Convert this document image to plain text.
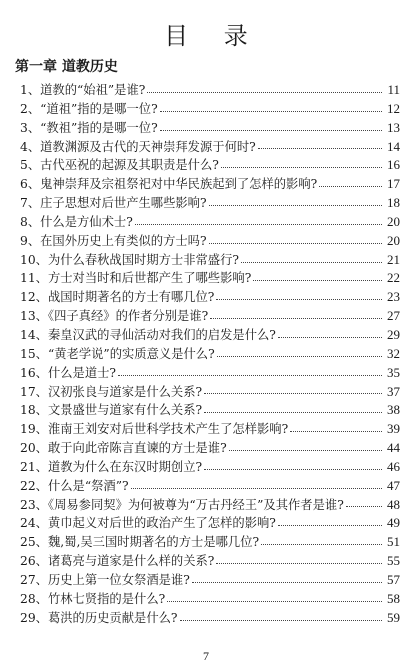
目 录
第一章 道教历史
1、道教的“始祖”是谁?	11
2、“道祖”指的是哪一位?	12
3、“教祖”指的是哪一位?	13
4、道教渊源及古代的天神崇拜发源于何时?	14
5、古代巫祝的起源及其职责是什么?	16
6、鬼神崇拜及宗祖祭祀对中华民族起到了怎样的影响?	17
7、庄子思想对后世产生哪些影响?	18
8、什么是方仙术士?	20
9、在国外历史上有类似的方士吗?	20
10、为什么春秋战国时期方士非常盛行?	21
11、方士对当时和后世都产生了哪些影响?	22
12、战国时期著名的方士有哪几位?	23
13、《四子真经》的作者分别是谁?	27
14、秦皇汉武的寻仙活动对我们的启发是什么?	29
15、“黄老学说”的实质意义是什么?	32
16、什么是道士?	35
17、汉初张良与道家是什么关系?	37
18、文景盛世与道家有什么关系?	38
19、淮南王刘安对后世科学技术产生了怎样影响?	39
20、敢于向此帝陈言直谏的方士是谁?	44
21、道教为什么在东汉时期创立?	46
22、什么是“祭酒”?	47
23、《周易参同契》为何被尊为“万古丹经王”及其作者是谁?	48
24、黄巾起义对后世的政治产生了怎样的影响?	49
25、魏,蜀,吴三国时期著名的方士是哪几位?	51
26、诸葛亮与道家是什么样的关系?	55
27、历史上第一位女祭酒是谁?	57
28、竹林七贤指的是什么?	58
29、葛洪的历史贡献是什么?	59
7
